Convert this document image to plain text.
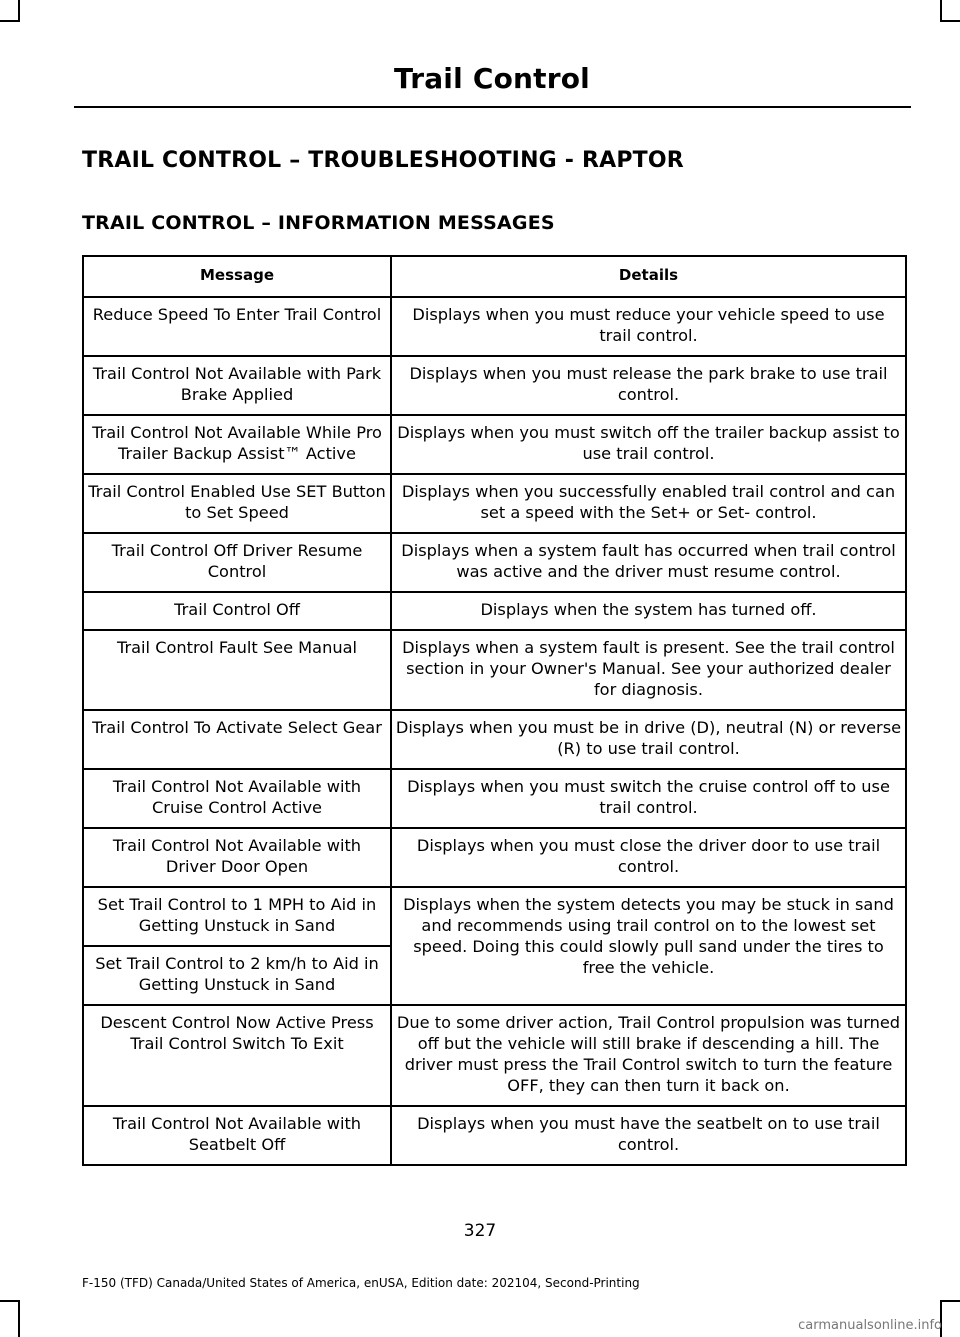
Trail Control
TRAIL CONTROL – TROUBLESHOOTING - RAPTOR
TRAIL CONTROL – INFORMATION MESSAGES
Message	Details
Reduce Speed To Enter Trail Control	Displays when you must reduce your vehicle speed to use trail control.
Trail Control Not Available with Park Brake Applied	Displays when you must release the park brake to use trail control.
Trail Control Not Available While Pro Trailer Backup Assist™ Active	Displays when you must switch off the trailer backup assist to use trail control.
Trail Control Enabled Use SET Button to Set Speed	Displays when you successfully enabled trail control and can set a speed with the Set+ or Set- control.
Trail Control Off Driver Resume Control	Displays when a system fault has occurred when trail control was active and the driver must resume control.
Trail Control Off	Displays when the system has turned off.
Trail Control Fault See Manual	Displays when a system fault is present. See the trail control section in your Owner's Manual. See your authorized dealer for diagnosis.
Trail Control To Activate Select Gear	Displays when you must be in drive (D), neutral (N) or reverse (R) to use trail control.
Trail Control Not Available with Cruise Control Active	Displays when you must switch the cruise control off to use trail control.
Trail Control Not Available with Driver Door Open	Displays when you must close the driver door to use trail control.
Set Trail Control to 1 MPH to Aid in Getting Unstuck in Sand	Displays when the system detects you may be stuck in sand and recommends using trail control on to the lowest set speed. Doing this could slowly pull sand under the tires to free the vehicle.
Set Trail Control to 2 km/h to Aid in Getting Unstuck in Sand	
Descent Control Now Active Press Trail Control Switch To Exit	Due to some driver action, Trail Control propulsion was turned off but the vehicle will still brake if descending a hill. The driver must press the Trail Control switch to turn the feature OFF, they can then turn it back on.
Trail Control Not Available with Seatbelt Off	Displays when you must have the seatbelt on to use trail control.
327
F-150 (TFD) Canada/United States of America, enUSA, Edition date: 202104, Second-Printing
carmanualsonline.info
